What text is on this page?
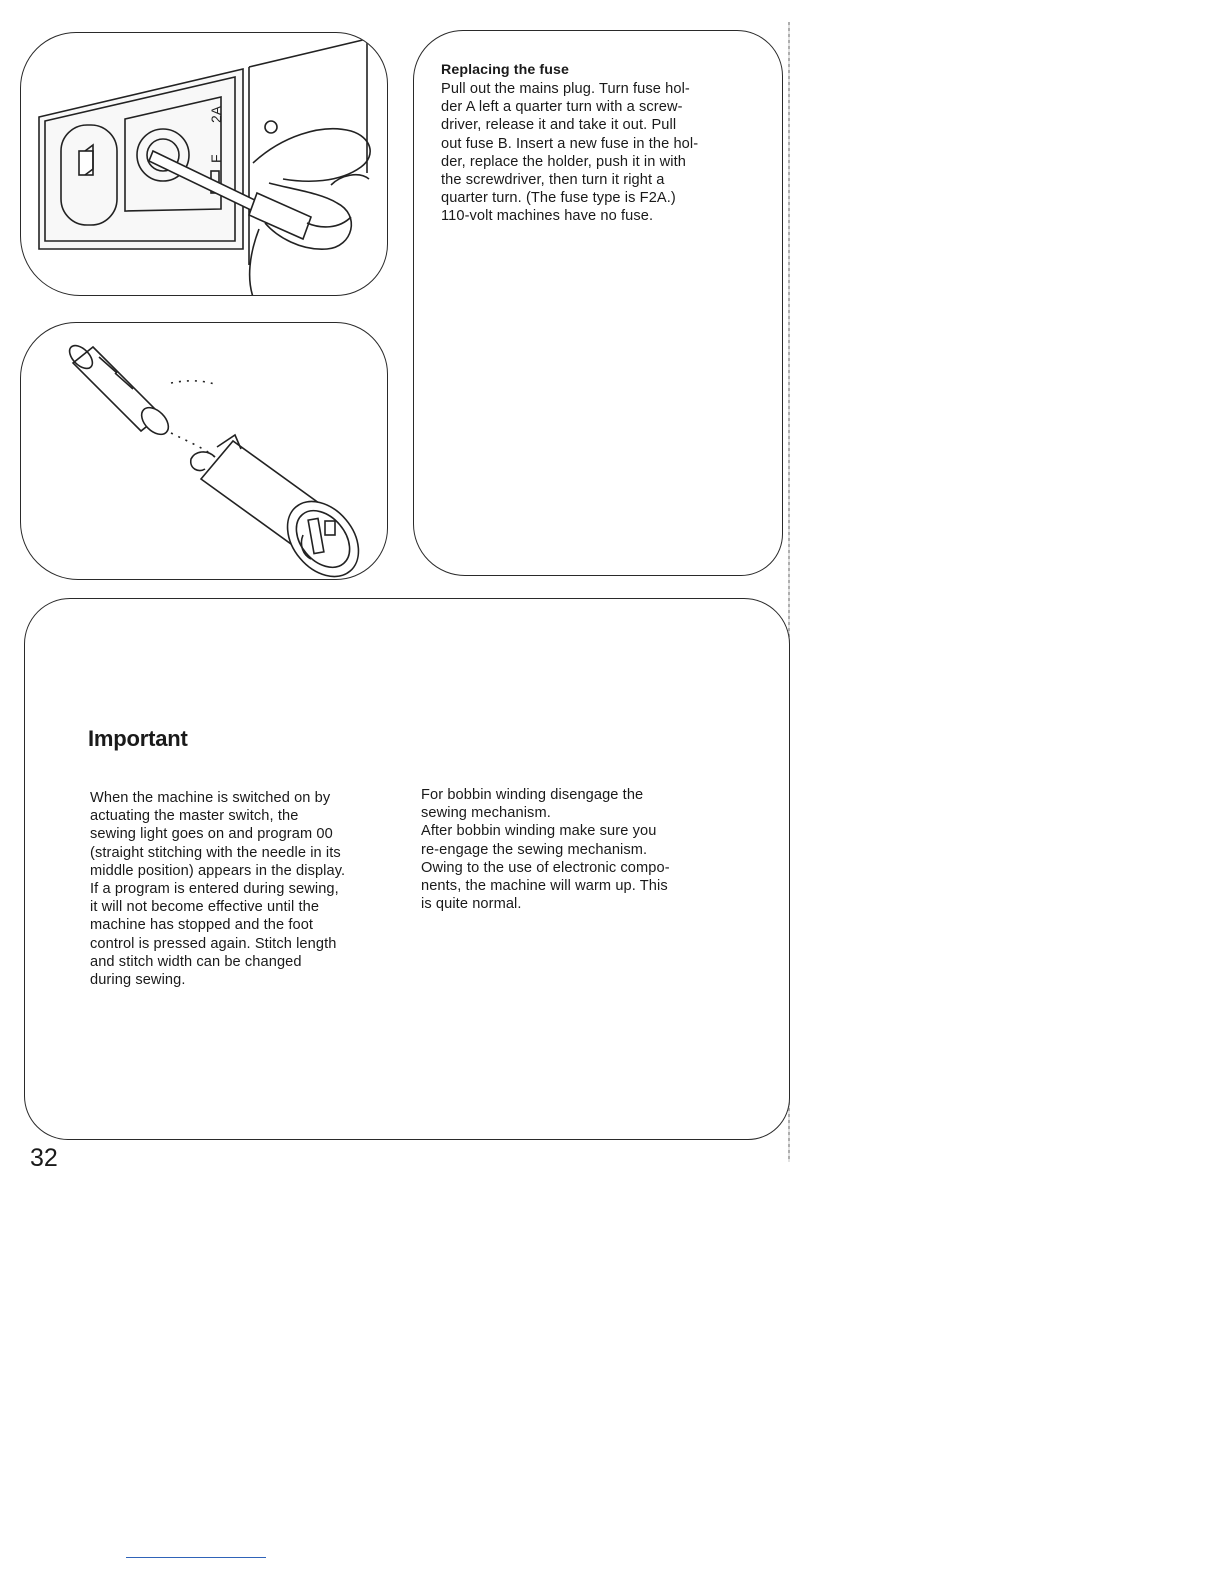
2A
F
Replacing the fuse

Pull out the mains plug. Turn fuse hol-
der A left a quarter turn with a screw-
driver, release it and take it out. Pull
out fuse B. Insert a new fuse in the hol-
der, replace the holder, push it in with
the screwdriver, then turn it right a
quarter turn. (The fuse type is F2A.)
110-volt machines have no fuse.

Important

When the machine is switched on by
actuating the master switch, the
sewing light goes on and program 00
(straight stitching with the needle in its
middle position) appears in the display.
If a program is entered during sewing,
it will not become effective until the
machine has stopped and the foot
control is pressed again. Stitch length
and stitch width can be changed
during sewing.

For bobbin winding disengage the
sewing mechanism.
After bobbin winding make sure you
re-engage the sewing mechanism.
Owing to the use of electronic compo-
nents, the machine will warm up. This
is quite normal.

32
